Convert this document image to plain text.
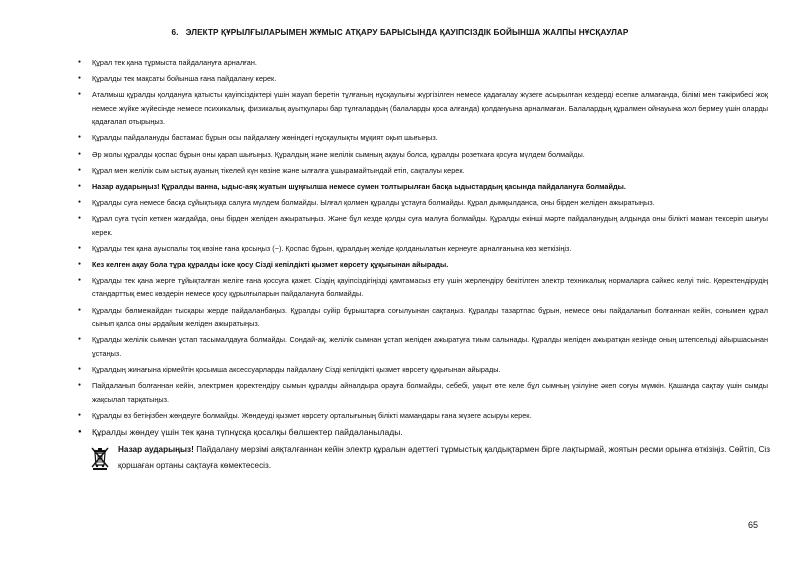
6.   ЭЛЕКТР ҚҰРЫЛҒЫЛАРЫМЕН ЖҰМЫС АТҚАРУ БАРЫСЫНДА ҚАУІПСІЗДІК БОЙЫНША ЖАЛПЫ НҰСҚАУЛАР
● Құрал тек қана тұрмыста пайдалануға арналған.
● Құралды тек мақсаты бойынша ғана пайдалану керек.
● Аталмыш құралды қолдануға қатысты қауіпсіздіктері үшін жауап беретін тұлғаның нұсқаулығы жүргізілген немесе қадағалау жүзеге асырылған кездерді есепке алмағанда, білімі мен тәжірибесі жоқ немесе жүйке жүйесінде немесе психикалық, физикалық ауытқулары бар тұлғалардың (балаларды қоса алғанда) қолдануына арналмаған. Балалардың құралмен ойнауына жол бермеу үшін оларды қадағалап отырыңыз.
● Құралды пайдалануды бастамас бұрын осы пайдалану жөніндегі нұсқаулықты мұқият оқып шығыңыз.
● Әр жолы құралды қоспас бұрын оны қарап шығыңыз. Құралдың және желілік сымның ақауы болса, құралды розеткаға қосуға мүлдем болмайды.
● Құрал мен желілік сым ыстық ауаның тікелей күн көзіне және ылғалға ұшырамайтындай етіп, сақталуы керек.
● Назар аударыңыз! Құралды ванна, ыдыс-аяқ жуатын шұңғылша немесе сумен толтырылған басқа ыдыстардың қасында пайдалануға болмайды.
● Құралды суға немесе басқа сұйықтыққа салуға мүлдем болмайды. Ылғал қолмен құралды ұстауға болмайды. Құрал дымқылданса, оны бірден желіден ажыратыңыз.
● Құрал суға түсіп кеткен жағдайда, оны бірден желіден ажыратыңыз. Және бұл кезде қолды суға малуға болмайды. Құралды екінші мәрте пайдаланудың алдында оны білікті маман тексеріп шығуы керек.
● Құралды тек қана ауыспалы тоқ көзіне ғана қосыңыз (~). Қоспас бұрын, құралдың желіде қолданылатын кернеуге арналғанына көз жеткізіңіз.
● Кез келген ақау бола тұра құралды іске қосу Сізді кепілдікті қызмет көрсету құқығынан айырады.
● Құралды тек қана жерге тұйықталған желіге ғана қоссуға қажет. Сіздің қауіпсіздігіңізді қамтамасыз ету үшін жерлендіру бекітілген электр техникалық нормаларға сәйкес келуі тиіс. Қөректендірудің стандарттық емес көздерін немесе қосу құрылғыларын пайдалануға болмайды.
● Құралды бөлмежайдан тысқары жерде пайдаланбаңыз. Құралды суйір бұрыштарға соғылуынан сақтаңыз. Құралды тазартпас бұрын, немесе оны пайдаланып болғаннан кейін, сонымен құрал сынып қалса оны әрдайым желіден ажыратыңыз.
● Құралды желілік сымнан ұстап тасымалдауға болмайды. Сондай-ақ, желілік сымнан ұстап желіден ажыратуға тиым салынады. Құралды желіден ажыратқан кезінде оның штепсельді айыршасынан ұстаңыз.
● Құралдың жинағына кірмейтін қосымша аксессуарларды пайдалану Сізді кепілдікті қызмет көрсету құқығынан айырады.
● Пайдаланып болғаннан кейін, электрмен қоректендіру сымын құралды айналдыра орауға болмайды, себебі, уақыт өте келе бұл сымның үзілуіне әкеп соғуы мүмкін. Қашанда сақтау үшін сымды жақсылап тарқатыңыз.
● Құралды өз бетіңізбен жөндеуге болмайды. Жөндеуді қызмет көрсету орталығының білікті мамандары ғана жүзеге асыруы керек.
● Құралды жөндеу үшін тек қана түпнұсқа қосалқы бөлшектер пайдаланылады.
Назар аударыңыз! Пайдалану мерзімі аяқталғаннан кейін электр құралын әдеттегі тұрмыстық қалдықтармен бірге лақтырмай, жоятын ресми орынға өткізіңіз. Сөйтіп, Сіз қоршаған ортаны сақтауға көмектесесіз.
65
